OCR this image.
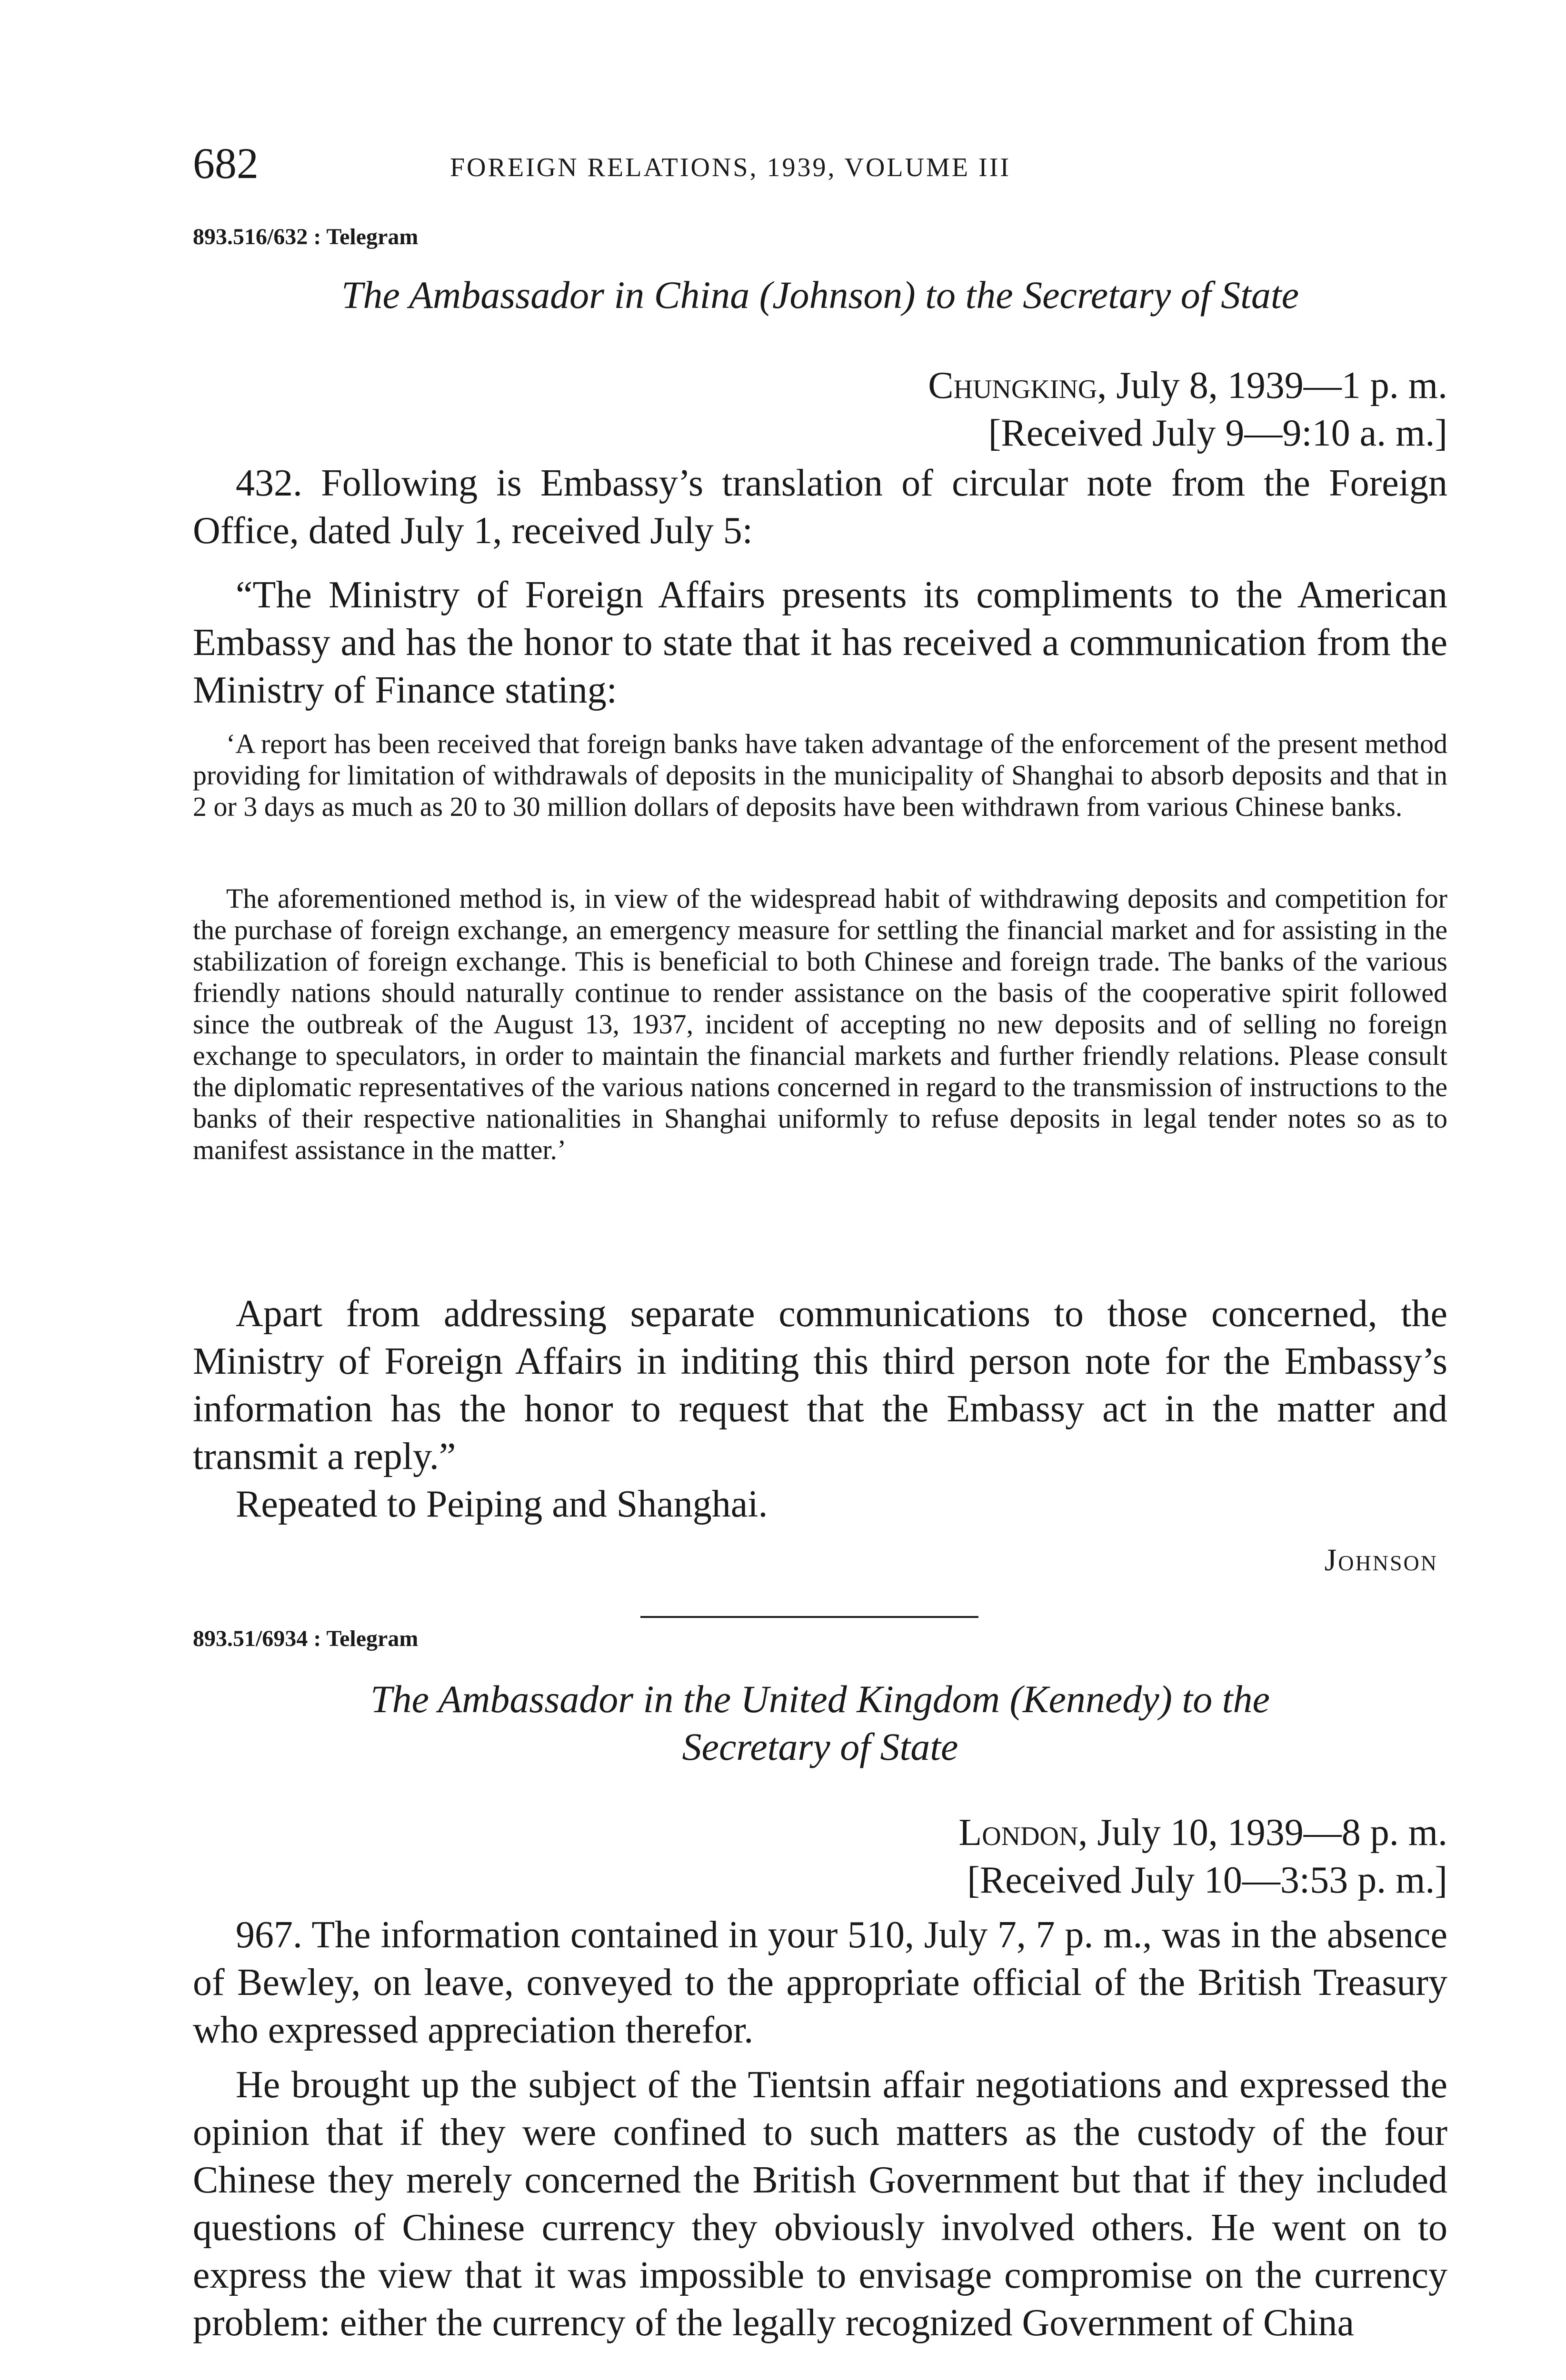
682	FOREIGN RELATIONS, 1939, VOLUME III
893.516/632 : Telegram
The Ambassador in China (Johnson) to the Secretary of State
Chungking, July 8, 1939—1 p. m.
[Received July 9—9:10 a. m.]

432. Following is Embassy’s translation of circular note from the Foreign Office, dated July 1, received July 5:

“The Ministry of Foreign Affairs presents its compliments to the American Embassy and has the honor to state that it has received a communication from the Ministry of Finance stating:

‘A report has been received that foreign banks have taken advantage of the enforcement of the present method providing for limitation of withdrawals of deposits in the municipality of Shanghai to absorb deposits and that in 2 or 3 days as much as 20 to 30 million dollars of deposits have been withdrawn from various Chinese banks.

The aforementioned method is, in view of the widespread habit of withdrawing deposits and competition for the purchase of foreign exchange, an emergency measure for settling the financial market and for assisting in the stabilization of foreign exchange. This is beneficial to both Chinese and foreign trade. The banks of the various friendly nations should naturally continue to render assistance on the basis of the cooperative spirit followed since the outbreak of the August 13, 1937, incident of accepting no new deposits and of selling no foreign exchange to speculators, in order to maintain the financial markets and further friendly relations. Please consult the diplomatic representatives of the various nations concerned in regard to the transmission of instructions to the banks of their respective nationalities in Shanghai uniformly to refuse deposits in legal tender notes so as to manifest assistance in the matter.’

Apart from addressing separate communications to those concerned, the Ministry of Foreign Affairs in inditing this third person note for the Embassy’s information has the honor to request that the Embassy act in the matter and transmit a reply.”

Repeated to Peiping and Shanghai.

Johnson
893.51/6934 : Telegram
The Ambassador in the United Kingdom (Kennedy) to the
Secretary of State
London, July 10, 1939—8 p. m.
[Received July 10—3:53 p. m.]

967. The information contained in your 510, July 7, 7 p. m., was in the absence of Bewley, on leave, conveyed to the appropriate official of the British Treasury who expressed appreciation therefor.

He brought up the subject of the Tientsin affair negotiations and expressed the opinion that if they were confined to such matters as the custody of the four Chinese they merely concerned the British Government but that if they included questions of Chinese currency they obviously involved others. He went on to express the view that it was impossible to envisage compromise on the currency problem: either the currency of the legally recognized Government of China
